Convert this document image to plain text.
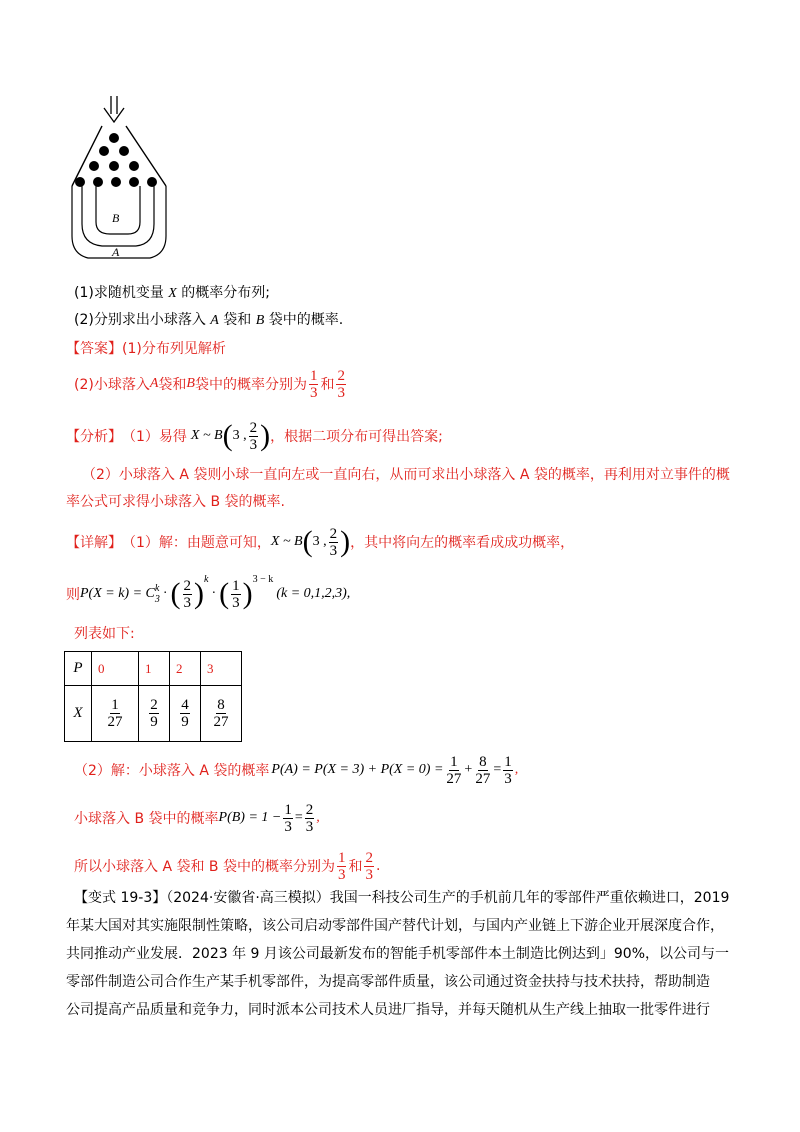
B
A
(1)求随机变量 X 的概率分布列;
(2)分别求出小球落入 A 袋和 B 袋中的概率.
【答案】(1)分布列见解析
(2)小球落入 A 袋和 B 袋中的概率分别为 $\frac{1}{3}$ 和 $\frac{2}{3}$
【分析】 （1）易得 X ~ B ( 3 , $\frac{2}{3}$ ) ，根据二项分布可得出答案;
（2）小球落入 A 袋则小球一直向左或一直向右，从而可求出小球落入 A 袋的概率，再利用对立事件的概
率公式可求得小球落入 B 袋的概率.
【详解】 （1）解：由题意可知， X ~ B ( 3 , $\frac{2}{3}$ ) ，其中将向左的概率看成成功概率，
则 P(X = k) = C k
3 · ( $\frac{2}{3}$ ) k
· ( $\frac{1}{3}$ ) 3 − k
(k = 0,1,2,3),
列表如下:
P	0	1	2	3
X	$\frac{1}{27}$	$\frac{2}{9}$	$\frac{4}{9}$	$\frac{8}{27}$
（2）解：小球落入 A 袋的概率 $P(A) = P(X = 3) + P(X = 0) = \frac{1}{27} + \frac{8}{27} = \frac{1}{3}$ ,
小球落入 B 袋中的概率 $P(B) = 1 - \frac{1}{3} = \frac{2}{3}$ ,
所以小球落入 A 袋和 B 袋中的概率分别为 $\frac{1}{3}$ 和 $\frac{2}{3}$ .
【变式 19-3】（2024·安徽省·高三模拟）我国一科技公司生产的手机前几年的零部件严重依赖进口，2019
年某大国对其实施限制性策略，该公司启动零部件国产替代计划，与国内产业链上下游企业开展深度合作，
共同推动产业发展．2023 年 9 月该公司最新发布的智能手机零部件本土制造比例达到」90%，以公司与一
零部件制造公司合作生产某手机零部件，为提高零部件质量，该公司通过资金扶持与技术扶持，帮助制造
公司提高产品质量和竞争力，同时派本公司技术人员进厂指导，并每天随机从生产线上抽取一批零件进行
